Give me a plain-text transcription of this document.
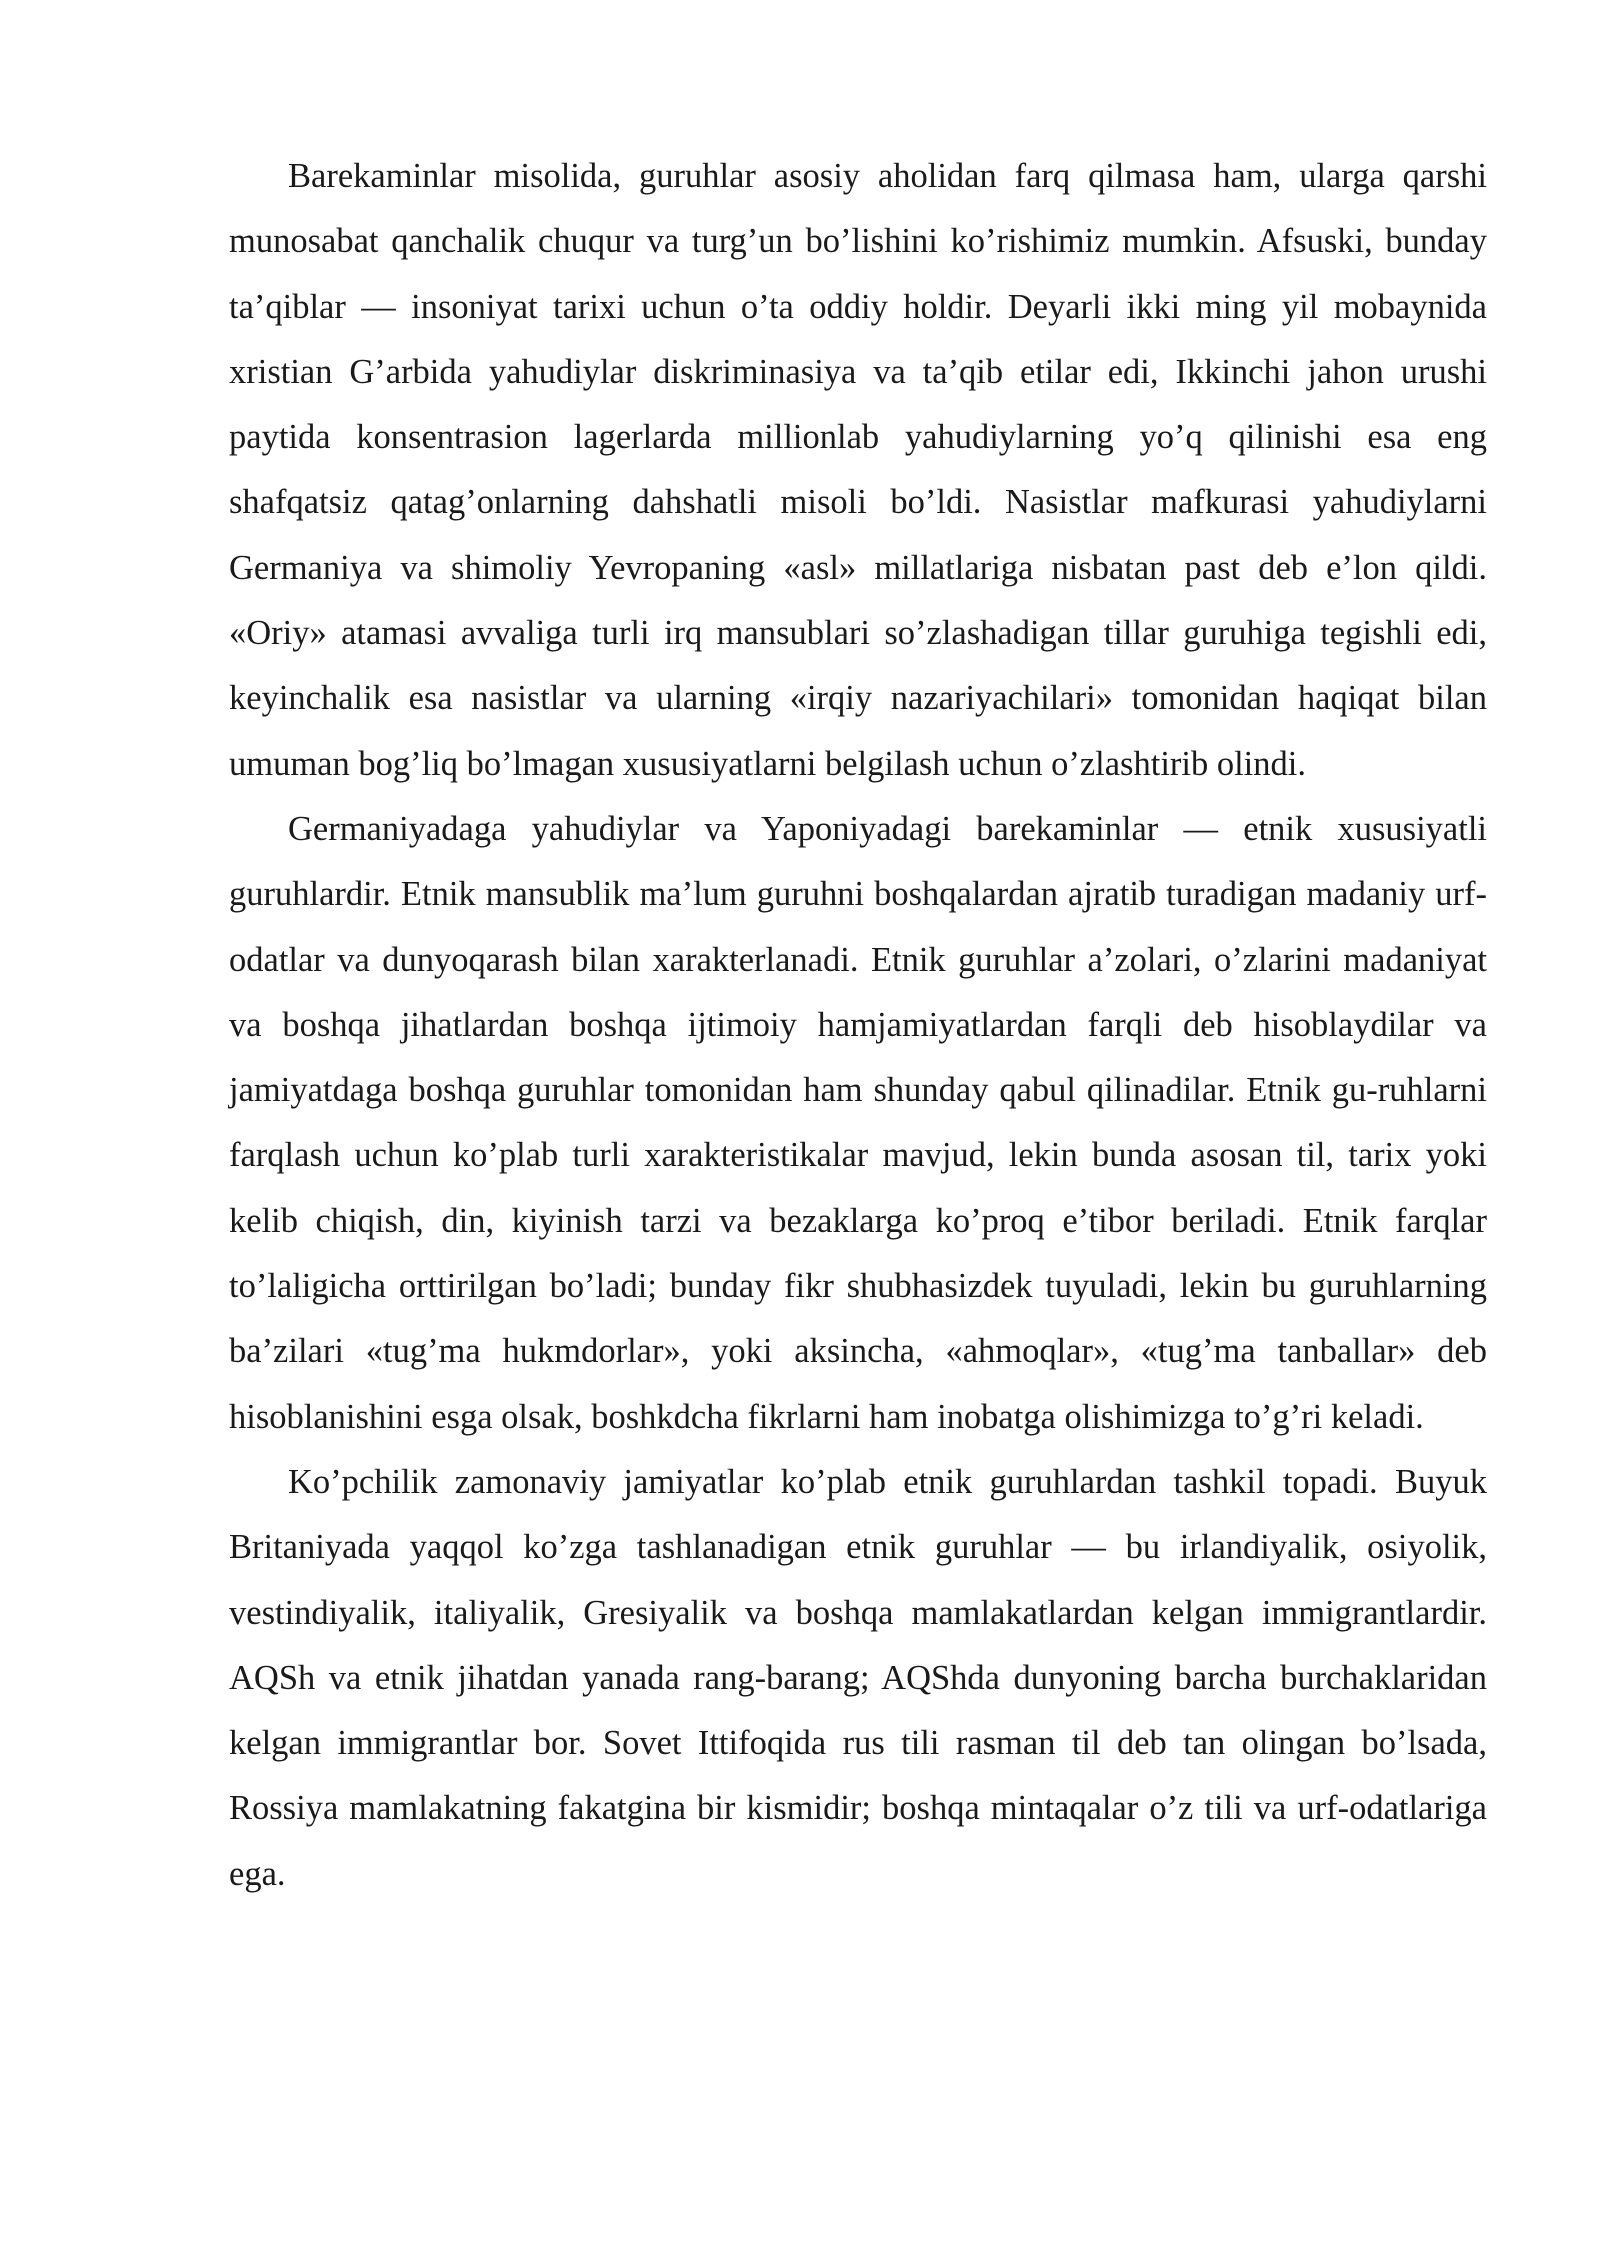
Barekaminlar misolida, guruhlar asosiy aholidan farq qilmasa ham, ularga qarshi munosabat qanchalik chuqur va turg’un bo’lishini ko’rishimiz mumkin. Afsuski, bunday ta’qiblar — insoniyat tarixi uchun o’ta oddiy holdir. Deyarli ikki ming yil mobaynida xristian G’arbida yahudiylar diskriminasiya va ta’qib etilar edi, Ikkinchi jahon urushi paytida konsentrasion lagerlarda millionlab yahudiylarning yo’q qilinishi esa eng shafqatsiz qatag’onlarning dahshatli misoli bo’ldi. Nasistlar mafkurasi yahudiylarni Germaniya va shimoliy Yevropaning «asl» millatlariga nisbatan past deb e’lon qildi. «Oriy» atamasi avvaliga turli irq mansublari so’zlashadigan tillar guruhiga tegishli edi, keyinchalik esa nasistlar va ularning «irqiy nazariyachilari» tomonidan haqiqat bilan umuman bog’liq bo’lmagan xususiyatlarni belgilash uchun o’zlashtirib olindi.

Germaniyadaga yahudiylar va Yaponiyadagi barekaminlar — etnik xususiyatli guruhlardir. Etnik mansublik ma’lum guruhni boshqalardan ajratib turadigan madaniy urf-odatlar va dunyoqarash bilan xarakterlanadi. Etnik guruhlar a’zolari, o’zlarini madaniyat va boshqa jihatlardan boshqa ijtimoiy hamjamiyatlardan farqli deb hisoblaydilar va jamiyatdaga boshqa guruhlar tomonidan ham shunday qabul qilinadilar. Etnik gu-ruhlarni farqlash uchun ko’plab turli xarakteristikalar mavjud, lekin bunda asosan til, tarix yoki kelib chiqish, din, kiyinish tarzi va bezaklarga ko’proq e’tibor beriladi. Etnik farqlar to’laligicha orttirilgan bo’ladi; bunday fikr shubhasizdek tuyuladi, lekin bu guruhlarning ba’zilari «tug’ma hukmdorlar», yoki aksincha, «ahmoqlar», «tug’ma tanballar» deb hisoblanishini esga olsak, boshkdcha fikrlarni ham inobatga olishimizga to’g’ri keladi.

Ko’pchilik zamonaviy jamiyatlar ko’plab etnik guruhlardan tashkil topadi. Buyuk Britaniyada yaqqol ko’zga tashlanadigan etnik guruhlar — bu irlandiyalik, osiyolik, vestindiyalik, italiyalik, Gresiyalik va boshqa mamlakatlardan kelgan immigrantlardir. AQSh va etnik jihatdan yanada rang-barang; AQShda dunyoning barcha burchaklaridan kelgan immigrantlar bor. Sovet Ittifoqida rus tili rasman til deb tan olingan bo’lsada, Rossiya mamlakatning fakatgina bir kismidir; boshqa mintaqalar o’z tili va urf-odatlariga ega.
